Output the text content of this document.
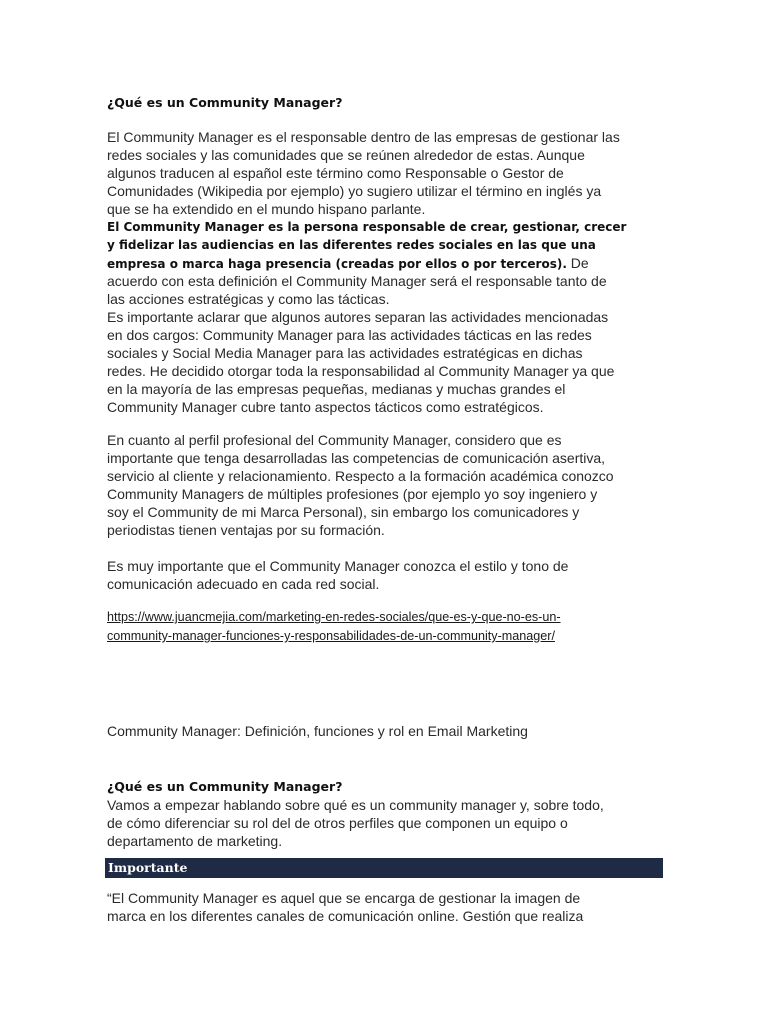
¿Qué es un Community Manager?
El Community Manager es el responsable dentro de las empresas de gestionar las
redes sociales y las comunidades que se reúnen alrededor de estas. Aunque
algunos traducen al español este término como Responsable o Gestor de
Comunidades (Wikipedia por ejemplo) yo sugiero utilizar el término en inglés ya
que se ha extendido en el mundo hispano parlante.
El Community Manager es la persona responsable de crear, gestionar, crecer
y fidelizar las audiencias en las diferentes redes sociales en las que una
empresa o marca haga presencia (creadas por ellos o por terceros). De
acuerdo con esta definición el Community Manager será el responsable tanto de
las acciones estratégicas y como las tácticas.
Es importante aclarar que algunos autores separan las actividades mencionadas
en dos cargos: Community Manager para las actividades tácticas en las redes
sociales y Social Media Manager para las actividades estratégicas en dichas
redes. He decidido otorgar toda la responsabilidad al Community Manager ya que
en la mayoría de las empresas pequeñas, medianas y muchas grandes el
Community Manager cubre tanto aspectos tácticos como estratégicos.
En cuanto al perfil profesional del Community Manager, considero que es
importante que tenga desarrolladas las competencias de comunicación asertiva,
servicio al cliente y relacionamiento. Respecto a la formación académica conozco
Community Managers de múltiples profesiones (por ejemplo yo soy ingeniero y
soy el Community de mi Marca Personal), sin embargo los comunicadores y
periodistas tienen ventajas por su formación.
Es muy importante que el Community Manager conozca el estilo y tono de
comunicación adecuado en cada red social.
https://www.juancmejia.com/marketing-en-redes-sociales/que-es-y-que-no-es-un-
community-manager-funciones-y-responsabilidades-de-un-community-manager/
Community Manager: Definición, funciones y rol en Email Marketing
¿Qué es un Community Manager?
Vamos a empezar hablando sobre qué es un community manager y, sobre todo,
de cómo diferenciar su rol del de otros perfiles que componen un equipo o
departamento de marketing.
Importante
“El Community Manager es aquel que se encarga de gestionar la imagen de
marca en los diferentes canales de comunicación online. Gestión que realiza
